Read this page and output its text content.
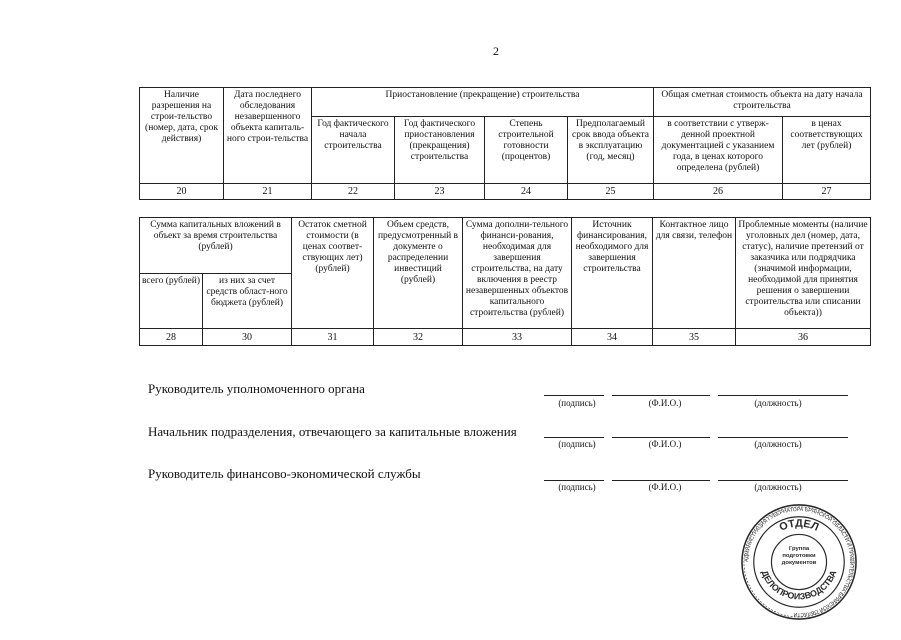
2
Наличие разрешения на строи-тельство (номер, дата, срок действия)	Дата последнего обследования незавершенного объекта капиталь-ного строи-тельства	Приостановление (прекращение) строительства				Общая сметная стоимость объекта на дату начала строительства	
		Год фактического начала строительства	Год фактического приостановления (прекращения) строительства	Степень строительной готовности (процентов)	Предполагаемый срок ввода объекта в эксплуатацию (год, месяц)	в соответствии с утверж-денной проектной документацией с указанием года, в ценах которого определена (рублей)	в ценах соответствующих лет (рублей)
20	21	22	23	24	25	26	27
Сумма капитальных вложений в объект за время строительства (рублей)		Остаток сметной стоимости (в ценах соответ-ствующих лет) (рублей)	Объем средств, предусмотренный в документе о распределении инвестиций (рублей)	Сумма дополни-тельного финанси-рования, необходимая для завершения строительства, на дату включения в реестр незавершенных объектов капитального строительства (рублей)	Источник финансирования, необходимого для завершения строительства	Контактное лицо для связи, телефон	Проблемные моменты (наличие уголовных дел (номер, дата, статус), наличие претензий от заказчика или подрядчика (значимой информации, необходимой для принятия решения о завершении строительства или списании объекта))
всего (рублей)	из них за счет средств област-ного бюджета (рублей)						
28	30	31	32	33	34	35	36
Руководитель уполномоченного органа
(подпись)	(Ф.И.О.)	(должность)
Начальник подразделения, отвечающего за капитальные вложения
(подпись)	(Ф.И.О.)	(должность)
Руководитель финансово-экономической службы
(подпись)	(Ф.И.О.)	(должность)
АДМИНИСТРАЦИЯ ГУБЕРНАТОРА БРЯНСКОЙ ОБЛАСТИ И ПРАВИТЕЛЬСТВА БРЯНСКОЙ ОБЛАСТИ
ОТДЕЛ
ДЕЛОПРОИЗВОДСТВА
Группа подготовки документов
